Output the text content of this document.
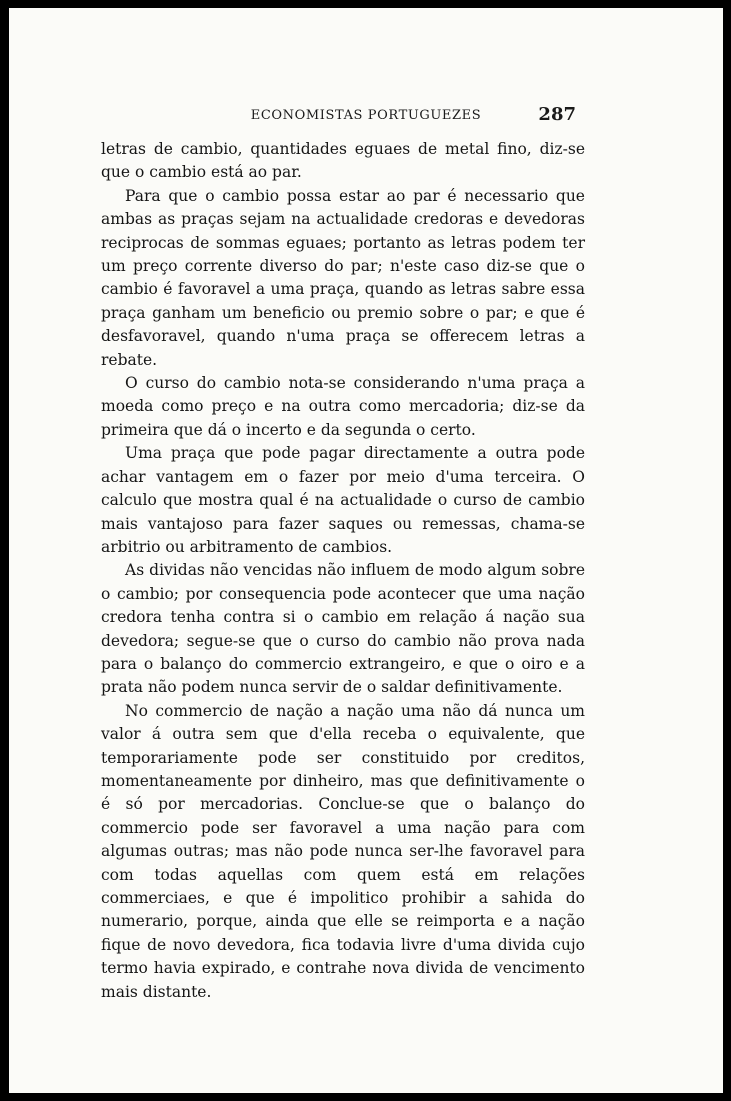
ECONOMISTAS PORTUGUEZES	287

letras de cambio, quantidades eguaes de metal fino, diz-se que o cambio está ao par.

Para que o cambio possa estar ao par é necessario que ambas as praças sejam na actualidade credoras e devedoras reciprocas de sommas eguaes; portanto as letras podem ter um preço corrente diverso do par; n'este caso diz-se que o cambio é favoravel a uma praça, quando as letras sabre essa praça ganham um beneficio ou premio sobre o par; e que é desfavoravel, quando n'uma praça se offerecem letras a rebate.

O curso do cambio nota-se considerando n'uma praça a moeda como preço e na outra como mercadoria; diz-se da primeira que dá o incerto e da segunda o certo.

Uma praça que pode pagar directamente a outra pode achar vantagem em o fazer por meio d'uma terceira. O calculo que mostra qual é na actualidade o curso de cambio mais vantajoso para fazer saques ou remessas, chama-se arbitrio ou arbitramento de cambios.

As dividas não vencidas não influem de modo algum sobre o cambio; por consequencia pode acontecer que uma nação credora tenha contra si o cambio em relação á nação sua devedora; segue-se que o curso do cambio não prova nada para o balanço do commercio extrangeiro, e que o oiro e a prata não podem nunca servir de o saldar definitivamente.

No commercio de nação a nação uma não dá nunca um valor á outra sem que d'ella receba o equivalente, que temporariamente pode ser constituido por creditos, momentaneamente por dinheiro, mas que definitivamente o é só por mercadorias. Conclue-se que o balanço do commercio pode ser favoravel a uma nação para com algumas outras; mas não pode nunca ser-lhe favoravel para com todas aquellas com quem está em relações commerciaes, e que é impolitico prohibir a sahida do numerario, porque, ainda que elle se reimporta e a nação fique de novo devedora, fica todavia livre d'uma divida cujo termo havia expirado, e contrahe nova divida de vencimento mais distante.
